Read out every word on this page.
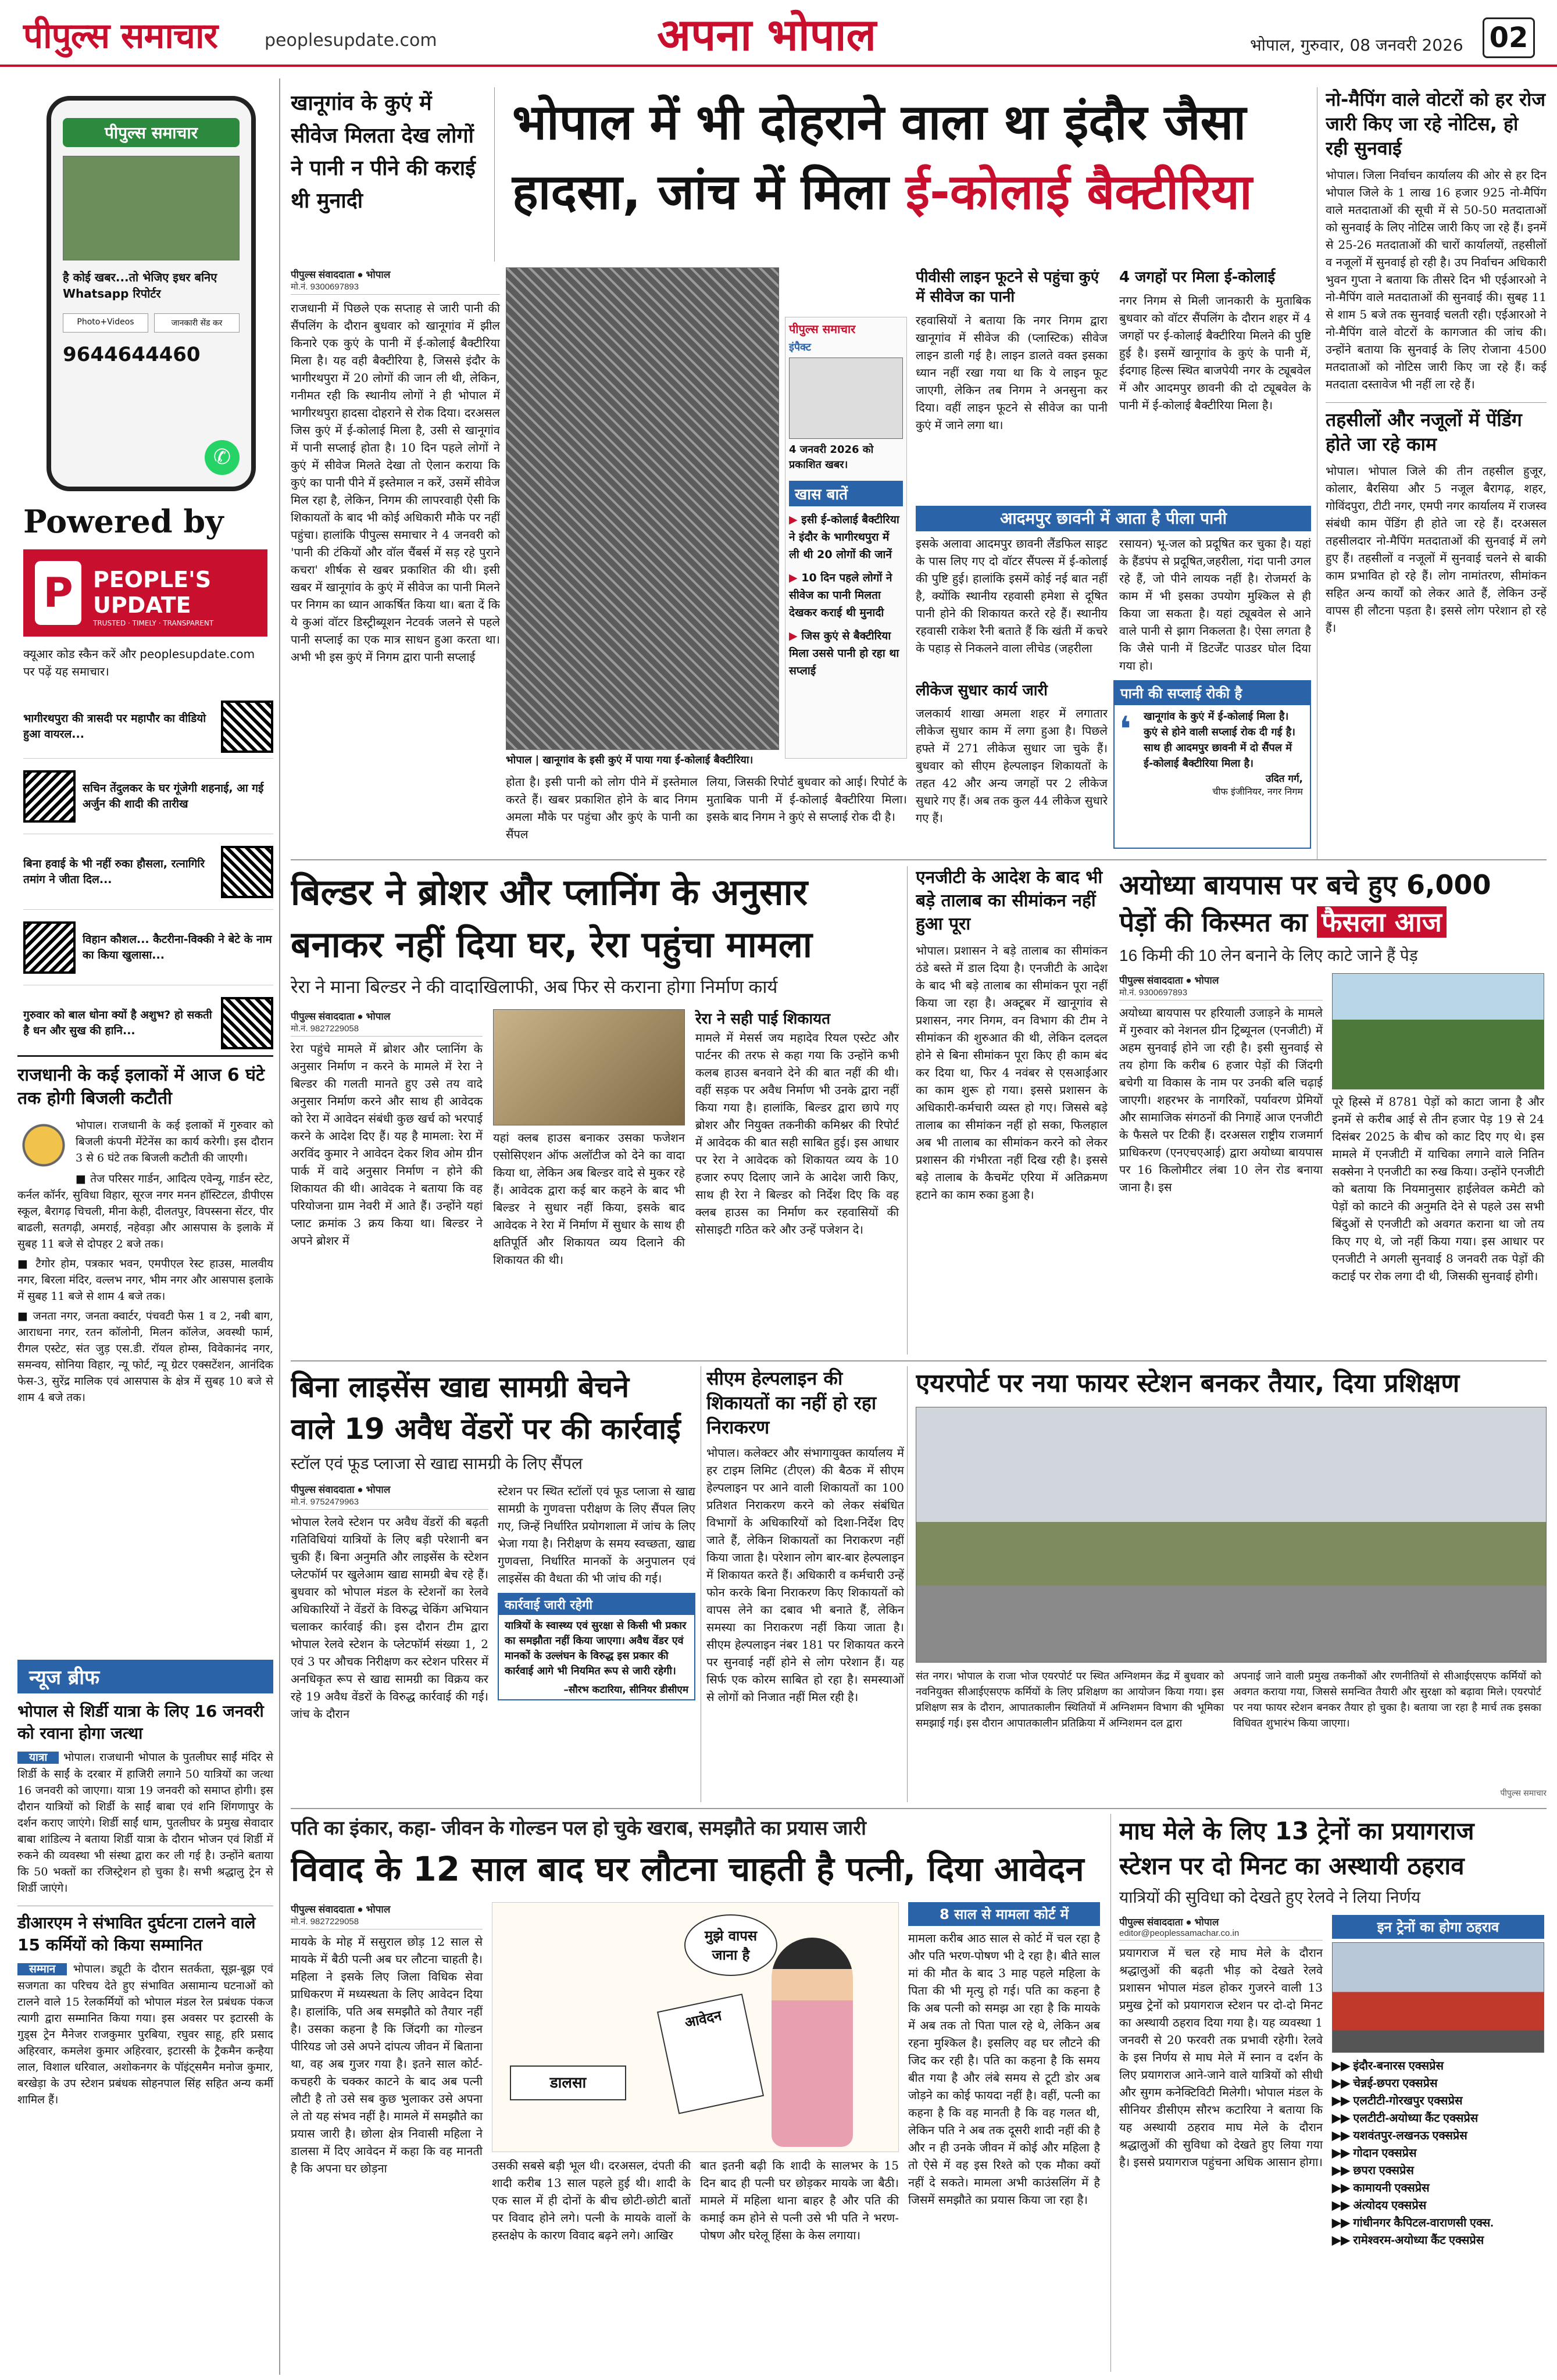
पीपुल्स समाचार	peoplesupdate.com	अपना भोपाल	भोपाल, गुरुवार, 08 जनवरी 2026 02
पीपुल्स समाचार
है कोई खबर...तो भेजिए इधर बनिए Whatsapp रिपोर्टर
Photo+Videos	जानकारी सेंड कर
9644644460
✆
Powered by
P PEOPLE'S UPDATE
TRUSTED · TIMELY · TRANSPARENT
क्यूआर कोड स्कैन करें और peoplesupdate.com पर पढ़ें यह समाचार।
भागीरथपुरा की त्रासदी पर महापौर का वीडियो हुआ वायरल...
सचिन तेंदुलकर के घर गूंजेगी शहनाई, आ गई अर्जुन की शादी की तारीख
बिना हवाई के भी नहीं रुका हौसला, रत्नागिरि तमांग ने जीता दिल...
विहान कौशल... कैटरीना-विक्की ने बेटे के नाम का किया खुलासा...
गुरुवार को बाल धोना क्यों है अशुभ? हो सकती है धन और सुख की हानि...
राजधानी के कई इलाकों में आज 6 घंटे तक होगी बिजली कटौती
भोपाल। राजधानी के कई इलाकों में गुरुवार को बिजली कंपनी मेंटेनेंस का कार्य करेगी। इस दौरान 3 से 6 घंटे तक बिजली कटौती की जाएगी।
■ तेज परिसर गार्डन, आदित्य एवेन्यू, गार्डन स्टेट, कर्नल कॉर्नर, सुविधा विहार, सूरज नगर मनन हॉस्टिटल, डीपीएस स्कूल, बैरागढ़ चिचली, मीना केही, दीलतपुर, विपस्सना सेंटर, पीर बाढली, सतगढ़ी, अमराई, नहेवड़ा और आसपास के इलाके में सुबह 11 बजे से दोपहर 2 बजे तक।
■ टैगोर होम, पत्रकार भवन, एमपीएल रेस्ट हाउस, मालवीय नगर, बिरला मंदिर, वल्लभ नगर, भीम नगर और आसपास इलाके में सुबह 11 बजे से शाम 4 बजे तक।
■ जनता नगर, जनता क्वार्टर, पंचवटी फेस 1 व 2, नबी बाग, आराधना नगर, रतन कॉलोनी, मिलन कॉलेज, अवस्थी फार्म, रीगल एस्टेट, संत जुड़ एस.डी. रॉयल होम्स, विवेकानंद नगर, समन्वय, सोनिया विहार, न्यू फोर्ट, न्यू ग्रेटर एक्सटेंशन, आनंदिक फेस-3, सुरेंद्र मालिक एवं आसपास के क्षेत्र में सुबह 10 बजे से शाम 4 बजे तक।
न्यूज ब्रीफ
भोपाल से शिर्डी यात्रा के लिए 16 जनवरी को रवाना होगा जत्था
यात्रा भोपाल। राजधानी भोपाल के पुतलीघर साईं मंदिर से शिर्डी के साईं के दरबार में हाजिरी लगाने 50 यात्रियों का जत्था 16 जनवरी को जाएगा। यात्रा 19 जनवरी को समाप्त होगी। इस दौरान यात्रियों को शिर्डी के साईं बाबा एवं शनि शिंगणापुर के दर्शन कराए जाएंगे। शिर्डी साईं धाम, पुतलीघर के प्रमुख सेवादार बाबा शांडिल्य ने बताया शिर्डी यात्रा के दौरान भोजन एवं शिर्डी में रुकने की व्यवस्था भी संस्था द्वारा कर ली गई है। उन्होंने बताया कि 50 भक्तों का रजिस्ट्रेशन हो चुका है। सभी श्रद्धालु ट्रेन से शिर्डी जाएंगे।
डीआरएम ने संभावित दुर्घटना टालने वाले 15 कर्मियों को किया सम्मानित
सम्मान भोपाल। ड्यूटी के दौरान सतर्कता, सूझ-बूझ एवं सजगता का परिचय देते हुए संभावित असामान्य घटनाओं को टालने वाले 15 रेलकर्मियों को भोपाल मंडल रेल प्रबंधक पंकज त्यागी द्वारा सम्मानित किया गया। इस अवसर पर इटारसी के गुड्स ट्रेन मैनेजर राजकुमार पुरबिया, रघुवर साहू, हरि प्रसाद अहिरवार, कमलेश कुमार अहिरवार, इटारसी के ट्रैकमैन कन्हैया लाल, विशाल धरिवाल, अशोकनगर के पॉइंट्समैन मनोज कुमार, बरखेड़ा के उप स्टेशन प्रबंधक सोहनपाल सिंह सहित अन्य कर्मी शामिल हैं।
खानूगांव के कुएं में सीवेज मिलता देख लोगों ने पानी न पीने की कराई थी मुनादी
भोपाल में भी दोहराने वाला था इंदौर जैसा
हादसा, जांच में मिला ई-कोलाई बैक्टीरिया
पीपुल्स संवाददाता ● भोपाल
मो.नं. 9300697893
राजधानी में पिछले एक सप्ताह से जारी पानी की सैंपलिंग के दौरान बुधवार को खानूगांव में झील किनारे एक कुएं के पानी में ई-कोलाई बैक्टीरिया मिला है। यह वही बैक्टीरिया है, जिससे इंदौर के भागीरथपुरा में 20 लोगों की जान ली थी, लेकिन, गनीमत रही कि स्थानीय लोगों ने ही भोपाल में भागीरथपुरा हादसा दोहराने से रोक दिया। दरअसल जिस कुएं में ई-कोलाई मिला है, उसी से खानूगांव में पानी सप्लाई होता है। 10 दिन पहले लोगों ने कुएं में सीवेज मिलते देखा तो ऐलान कराया कि कुएं का पानी पीने में इस्तेमाल न करें, उसमें सीवेज मिल रहा है, लेकिन, निगम की लापरवाही ऐसी कि शिकायतों के बाद भी कोई अधिकारी मौके पर नहीं पहुंचा। हालांकि पीपुल्स समाचार ने 4 जनवरी को 'पानी की टंकियों और वॉल चैंबर्स में सड़ रहे पुराने कचरा' शीर्षक से खबर प्रकाशित की थी। इसी खबर में खानूगांव के कुएं में सीवेज का पानी मिलने पर निगम का ध्यान आकर्षित किया था। बता दें कि ये कुआं वॉटर डिस्ट्रीब्यूशन नेटवर्क जलने से पहले पानी सप्लाई का एक मात्र साधन हुआ करता था। अभी भी इस कुएं में निगम द्वारा पानी सप्लाई
पीपुल्स समाचार
इंपैक्ट
4 जनवरी 2026 को प्रकाशित खबर।
खास बातें
▶ इसी ई-कोलाई बैक्टीरिया ने इंदौर के भागीरथपुरा में ली थी 20 लोगों की जानें
▶ 10 दिन पहले लोगों ने सीवेज का पानी मिलता देखकर कराई थी मुनादी
▶ जिस कुएं से बैक्टीरिया मिला उससे पानी हो रहा था सप्लाई
भोपाल | खानूगांव के इसी कुएं में पाया गया ई-कोलाई बैक्टीरिया।
होता है। इसी पानी को लोग पीने में इस्तेमाल करते हैं। खबर प्रकाशित होने के बाद निगम अमला मौके पर पहुंचा और कुएं के पानी का सैंपल
लिया, जिसकी रिपोर्ट बुधवार को आई। रिपोर्ट के मुताबिक पानी में ई-कोलाई बैक्टीरिया मिला। इसके बाद निगम ने कुएं से सप्लाई रोक दी है।
पीवीसी लाइन फूटने से पहुंचा कुएं में सीवेज का पानी
रहवासियों ने बताया कि नगर निगम द्वारा खानूगांव में सीवेज की (प्लास्टिक) सीवेज लाइन डाली गई है। लाइन डालते वक्त इसका ध्यान नहीं रखा गया था कि ये लाइन फूट जाएगी, लेकिन तब निगम ने अनसुना कर दिया। वहीं लाइन फूटने से सीवेज का पानी कुएं में जाने लगा था।
4 जगहों पर मिला ई-कोलाई
नगर निगम से मिली जानकारी के मुताबिक बुधवार को वॉटर सैंपलिंग के दौरान शहर में 4 जगहों पर ई-कोलाई बैक्टीरिया मिलने की पुष्टि हुई है। इसमें खानूगांव के कुएं के पानी में, ईदगाह हिल्स स्थित बाजपेयी नगर के ट्यूबवेल में और आदमपुर छावनी की दो ट्यूबवेल के पानी में ई-कोलाई बैक्टीरिया मिला है।
आदमपुर छावनी में आता है पीला पानी
इसके अलावा आदमपुर छावनी लैंडफिल साइट के पास लिए गए दो वॉटर सैंपल्स में ई-कोलाई की पुष्टि हुई। हालांकि इसमें कोई नई बात नहीं है, क्योंकि स्थानीय रहवासी हमेशा से दूषित पानी होने की शिकायत करते रहे हैं। स्थानीय रहवासी राकेश रैनी बताते हैं कि खंती में कचरे के पहाड़ से निकलने वाला लीचेड (जहरीला
रसायन) भू-जल को प्रदूषित कर चुका है। यहां के हैंडपंप से प्रदूषित,जहरीला, गंदा पानी उगल रहे हैं, जो पीने लायक नहीं है। रोजमर्रा के काम में भी इसका उपयोग मुश्किल से ही किया जा सकता है। यहां ट्यूबवेल से आने वाले पानी से झाग निकलता है। ऐसा लगता है कि जैसे पानी में डिटर्जेंट पाउडर घोल दिया गया हो।
लीकेज सुधार कार्य जारी
जलकार्य शाखा अमला शहर में लगातार लीकेज सुधार काम में लगा हुआ है। पिछले हफ्ते में 271 लीकेज सुधार जा चुके हैं। बुधवार को सीएम हेल्पलाइन शिकायतों के तहत 42 और अन्य जगहों पर 2 लीकेज सुधारे गए हैं। अब तक कुल 44 लीकेज सुधारे गए हैं।
पानी की सप्लाई रोकी है
❛ खानूगांव के कुएं में ई-कोलाई मिला है। कुएं से होने वाली सप्लाई रोक दी गई है। साथ ही आदमपुर छावनी में दो सैंपल में ई-कोलाई बैक्टीरिया मिला है।
उदित गर्ग,
चीफ इंजीनियर, नगर निगम
नो-मैपिंग वाले वोटरों को हर रोज जारी किए जा रहे नोटिस, हो रही सुनवाई
भोपाल। जिला निर्वाचन कार्यालय की ओर से हर दिन भोपाल जिले के 1 लाख 16 हजार 925 नो-मैपिंग वाले मतदाताओं की सूची में से 50-50 मतदाताओं को सुनवाई के लिए नोटिस जारी किए जा रहे हैं। इनमें से 25-26 मतदाताओं की चारों कार्यालयों, तहसीलों व नजूलों में सुनवाई हो रही है। उप निर्वाचन अधिकारी भुवन गुप्ता ने बताया कि तीसरे दिन भी एईआरओ ने नो-मैपिंग वाले मतदाताओं की सुनवाई की। सुबह 11 से शाम 5 बजे तक सुनवाई चलती रही। एईआरओ ने नो-मैपिंग वाले वोटरों के कागजात की जांच की। उन्होंने बताया कि सुनवाई के लिए रोजाना 4500 मतदाताओं को नोटिस जारी किए जा रहे हैं। कई मतदाता दस्तावेज भी नहीं ला रहे हैं।
तहसीलों और नजूलों में पेंडिंग होते जा रहे काम
भोपाल। भोपाल जिले की तीन तहसील हुजूर, कोलार, बैरसिया और 5 नजूल बैरागढ़, शहर, गोविंदपुरा, टीटी नगर, एमपी नगर कार्यालय में राजस्व संबंधी काम पेंडिंग ही होते जा रहे हैं। दरअसल तहसीलदार नो-मैपिंग मतदाताओं की सुनवाई में लगे हुए हैं। तहसीलों व नजूलों में सुनवाई चलने से बाकी काम प्रभावित हो रहे हैं। लोग नामांतरण, सीमांकन सहित अन्य कार्यों को लेकर आते हैं, लेकिन उन्हें वापस ही लौटना पड़ता है। इससे लोग परेशान हो रहे हैं।
बिल्डर ने ब्रोशर और प्लानिंग के अनुसार
बनाकर नहीं दिया घर, रेरा पहुंचा मामला
रेरा ने माना बिल्डर ने की वादाखिलाफी, अब फिर से कराना होगा निर्माण कार्य
पीपुल्स संवाददाता ● भोपाल
मो.नं. 9827229058
रेरा पहुंचे मामले में ब्रोशर और प्लानिंग के अनुसार निर्माण न करने के मामले में रेरा ने बिल्डर की गलती मानते हुए उसे तय वादे अनुसार निर्माण करने और साथ ही आवेदक को रेरा में आवेदन संबंधी कुछ खर्च को भरपाई करने के आदेश दिए हैं। यह है मामला: रेरा में अरविंद कुमार ने आवेदन देकर शिव ओम ग्रीन पार्क में वादे अनुसार निर्माण न होने की शिकायत की थी। आवेदक ने बताया कि वह परियोजना ग्राम नेवरी में आते हैं। उन्होंने यहां प्लाट क्रमांक 3 क्रय किया था। बिल्डर ने अपने ब्रोशर में
यहां क्लब हाउस बनाकर उसका फजेशन एसोसिएशन ऑफ अलॉटीज को देने का वादा किया था, लेकिन अब बिल्डर वादे से मुकर रहे हैं। आवेदक द्वारा कई बार कहने के बाद भी बिल्डर ने सुधार नहीं किया, इसके बाद आवेदक ने रेरा में निर्माण में सुधार के साथ ही क्षतिपूर्ति और शिकायत व्यय दिलाने की शिकायत की थी।
रेरा ने सही पाई शिकायत
मामले में मेसर्स जय महादेव रियल एस्टेट और पार्टनर की तरफ से कहा गया कि उन्होंने कभी कलब हाउस बनवाने देने की बात नहीं की थी। वहीं सड़क पर अवैध निर्माण भी उनके द्वारा नहीं किया गया है। हालांकि, बिल्डर द्वारा छापे गए ब्रोशर और नियुक्त तकनीकी कमिश्नर की रिपोर्ट में आवेदक की बात सही साबित हुई। इस आधार पर रेरा ने आवेदक को शिकायत व्यय के 10 हजार रुपए दिलाए जाने के आदेश जारी किए, साथ ही रेरा ने बिल्डर को निर्देश दिए कि वह क्लब हाउस का निर्माण कर रहवासियों की सोसाइटी गठित करे और उन्हें पजेशन दे।
एनजीटी के आदेश के बाद भी बड़े तालाब का सीमांकन नहीं हुआ पूरा
भोपाल। प्रशासन ने बड़े तालाब का सीमांकन ठंडे बस्ते में डाल दिया है। एनजीटी के आदेश के बाद भी बड़े तालाब का सीमांकन पूरा नहीं किया जा रहा है। अक्टूबर में खानूगांव से प्रशासन, नगर निगम, वन विभाग की टीम ने सीमांकन की शुरुआत की थी, लेकिन दलदल होने से बिना सीमांकन पूरा किए ही काम बंद कर दिया था, फिर 4 नवंबर से एसआईआर का काम शुरू हो गया। इससे प्रशासन के अधिकारी-कर्मचारी व्यस्त हो गए। जिससे बड़े तालाब का सीमांकन नहीं हो सका, फिलहाल अब भी तालाब का सीमांकन करने को लेकर प्रशासन की गंभीरता नहीं दिख रही है। इससे बड़े तालाब के कैचमेंट एरिया में अतिक्रमण हटाने का काम रुका हुआ है।
अयोध्या बायपास पर बचे हुए 6,000
पेड़ों की किस्मत का फैसला आज
16 किमी की 10 लेन बनाने के लिए काटे जाने हैं पेड़
पीपुल्स संवाददाता ● भोपाल
मो.नं. 9300697893
अयोध्या बायपास पर हरियाली उजाड़ने के मामले में गुरुवार को नेशनल ग्रीन ट्रिब्यूनल (एनजीटी) में अहम सुनवाई होने जा रही है। इसी सुनवाई से तय होगा कि करीब 6 हजार पेड़ों की जिंदगी बचेगी या विकास के नाम पर उनकी बलि चढ़ाई जाएगी। शहरभर के नागरिकों, पर्यावरण प्रेमियों और सामाजिक संगठनों की निगाहें आज एनजीटी के फैसले पर टिकी हैं। दरअसल राष्ट्रीय राजमार्ग प्राधिकरण (एनएचएआई) द्वारा अयोध्या बायपास पर 16 किलोमीटर लंबा 10 लेन रोड बनाया जाना है। इस
पूरे हिस्से में 8781 पेड़ों को काटा जाना है और इनमें से करीब आई से तीन हजार पेड़ 19 से 24 दिसंबर 2025 के बीच को काट दिए गए थे। इस मामले में एनजीटी में याचिका लगाने वाले नितिन सक्सेना ने एनजीटी का रुख किया। उन्होंने एनजीटी को बताया कि नियमानुसार हाईलेवल कमेटी को पेड़ों को काटने की अनुमति देने से पहले उस सभी बिंदुओं से एनजीटी को अवगत कराना था जो तय किए गए थे, जो नहीं किया गया। इस आधार पर एनजीटी ने अगली सुनवाई 8 जनवरी तक पेड़ों की कटाई पर रोक लगा दी थी, जिसकी सुनवाई होगी।
बिना लाइसेंस खाद्य सामग्री बेचने
वाले 19 अवैध वेंडरों पर की कार्रवाई
स्टॉल एवं फूड प्लाजा से खाद्य सामग्री के लिए सैंपल
पीपुल्स संवाददाता ● भोपाल
मो.नं. 9752479963
भोपाल रेलवे स्टेशन पर अवैध वेंडरों की बढ़ती गतिविधियां यात्रियों के लिए बड़ी परेशानी बन चुकी हैं। बिना अनुमति और लाइसेंस के स्टेशन प्लेटफॉर्म पर खुलेआम खाद्य सामग्री बेच रहे हैं। बुधवार को भोपाल मंडल के स्टेशनों का रेलवे अधिकारियों ने वेंडरों के विरुद्ध चेकिंग अभियान चलाकर कार्रवाई की। इस दौरान टीम द्वारा भोपाल रेलवे स्टेशन के प्लेटफॉर्म संख्या 1, 2 एवं 3 पर औचक निरीक्षण कर स्टेशन परिसर में अनधिकृत रूप से खाद्य सामग्री का विक्रय कर रहे 19 अवैध वेंडरों के विरुद्ध कार्रवाई की गई। जांच के दौरान
स्टेशन पर स्थित स्टॉलों एवं फूड प्लाजा से खाद्य सामग्री के गुणवत्ता परीक्षण के लिए सैंपल लिए गए, जिन्हें निर्धारित प्रयोगशाला में जांच के लिए भेजा गया है। निरीक्षण के समय स्वच्छता, खाद्य गुणवत्ता, निर्धारित मानकों के अनुपालन एवं लाइसेंस की वैधता की भी जांच की गई।
कार्रवाई जारी रहेगी
यात्रियों के स्वास्थ्य एवं सुरक्षा से किसी भी प्रकार का समझौता नहीं किया जाएगा। अवैध वेंडर एवं मानकों के उल्लंघन के विरुद्ध इस प्रकार की कार्रवाई आगे भी नियमित रूप से जारी रहेगी।
–सौरभ कटारिया, सीनियर डीसीएम
सीएम हेल्पलाइन की शिकायतों का नहीं हो रहा निराकरण
भोपाल। कलेक्टर और संभागायुक्त कार्यालय में हर टाइम लिमिट (टीएल) की बैठक में सीएम हेल्पलाइन पर आने वाली शिकायतों का 100 प्रतिशत निराकरण करने को लेकर संबंधित विभागों के अधिकारियों को दिशा-निर्देश दिए जाते हैं, लेकिन शिकायतों का निराकरण नहीं किया जाता है। परेशान लोग बार-बार हेल्पलाइन में शिकायत करते हैं। अधिकारी व कर्मचारी उन्हें फोन करके बिना निराकरण किए शिकायतों को वापस लेने का दबाव भी बनाते हैं, लेकिन समस्या का निराकरण नहीं किया जाता है। सीएम हेल्पलाइन नंबर 181 पर शिकायत करने पर सुनवाई नहीं होने से लोग परेशान हैं। यह सिर्फ एक कोरम साबित हो रहा है। समस्याओं से लोगों को निजात नहीं मिल रही है।
एयरपोर्ट पर नया फायर स्टेशन बनकर तैयार, दिया प्रशिक्षण
संत नगर। भोपाल के राजा भोज एयरपोर्ट पर स्थित अग्निशमन केंद्र में बुधवार को नवनियुक्त सीआईएसएफ कर्मियों के लिए प्रशिक्षण का आयोजन किया गया। इस प्रशिक्षण सत्र के दौरान, आपातकालीन स्थितियों में अग्निशमन विभाग की भूमिका समझाई गई। इस दौरान आपातकालीन प्रतिक्रिया में अग्निशमन दल द्वारा
अपनाई जाने वाली प्रमुख तकनीकों और रणनीतियों से सीआईएसएफ कर्मियों को अवगत कराया गया, जिससे समन्वित तैयारी और सुरक्षा को बढ़ावा मिले। एयरपोर्ट पर नया फायर स्टेशन बनकर तैयार हो चुका है। बताया जा रहा है मार्च तक इसका विधिवत शुभारंभ किया जाएगा।
पीपुल्स समाचार
पति का इंकार, कहा- जीवन के गोल्डन पल हो चुके खराब, समझौते का प्रयास जारी
विवाद के 12 साल बाद घर लौटना चाहती है पत्नी, दिया आवेदन
पीपुल्स संवाददाता ● भोपाल
मो.नं. 9827229058
मायके के मोह में ससुराल छोड़ 12 साल से मायके में बैठी पत्नी अब घर लौटना चाहती है। महिला ने इसके लिए जिला विधिक सेवा प्राधिकरण में मध्यस्थता के लिए आवेदन दिया है। हालांकि, पति अब समझौते को तैयार नहीं है। उसका कहना है कि जिंदगी का गोल्डन पीरियड जो उसे अपने दांपत्य जीवन में बिताना था, वह अब गुजर गया है। इतने साल कोर्ट-कचहरी के चक्कर काटने के बाद अब पत्नी लौटी है तो उसे सब कुछ भुलाकर उसे अपना ले तो यह संभव नहीं है। मामले में समझौते का प्रयास जारी है। छोला क्षेत्र निवासी महिला ने डालसा में दिए आवेदन में कहा कि वह मानती है कि अपना घर छोड़ना
मुझे वापस जाना है
आवेदन
डालसा
उसकी सबसे बड़ी भूल थी। दरअसल, दंपती की शादी करीब 13 साल पहले हुई थी। शादी के एक साल में ही दोनों के बीच छोटी-छोटी बातों पर विवाद होने लगे। पत्नी के मायके वालों के हस्तक्षेप के कारण विवाद बढ़ने लगे। आखिर
बात इतनी बढ़ी कि शादी के सालभर के 15 दिन बाद ही पत्नी घर छोड़कर मायके जा बैठी। मामले में महिला थाना बाहर है और पति की कमाई कम होने से पत्नी उसे भी पति ने भरण-पोषण और घरेलू हिंसा के केस लगाया।
8 साल से मामला कोर्ट में
मामला करीब आठ साल से कोर्ट में चल रहा है और पति भरण-पोषण भी दे रहा है। बीते साल मां की मौत के बाद 3 माह पहले महिला के पिता की भी मृत्यु हो गई। पति का कहना है कि अब पत्नी को समझ आ रहा है कि मायके में अब तक तो पिता पाल रहे थे, लेकिन अब रहना मुश्किल है। इसलिए वह घर लौटने की जिद कर रही है। पति का कहना है कि समय बीत गया है और लंबे समय से टूटी डोर अब जोड़ने का कोई फायदा नहीं है। वहीं, पत्नी का कहना है कि वह मानती है कि वह गलत थी, लेकिन पति ने अब तक दूसरी शादी नहीं की है और न ही उनके जीवन में कोई और महिला है तो ऐसे में वह इस रिश्ते को एक मौका क्यों नहीं दे सकते। मामला अभी काउंसलिंग में है जिसमें समझौते का प्रयास किया जा रहा है।
माघ मेले के लिए 13 ट्रेनों का प्रयागराज
स्टेशन पर दो मिनट का अस्थायी ठहराव
यात्रियों की सुविधा को देखते हुए रेलवे ने लिया निर्णय
पीपुल्स संवाददाता ● भोपाल
editor@peoplessamachar.co.in
प्रयागराज में चल रहे माघ मेले के दौरान श्रद्धालुओं की बढ़ती भीड़ को देखते रेलवे प्रशासन भोपाल मंडल होकर गुजरने वाली 13 प्रमुख ट्रेनों को प्रयागराज स्टेशन पर दो-दो मिनट का अस्थायी ठहराव दिया गया है। यह व्यवस्था 1 जनवरी से 20 फरवरी तक प्रभावी रहेगी। रेलवे के इस निर्णय से माघ मेले में स्नान व दर्शन के लिए प्रयागराज आने-जाने वाले यात्रियों को सीधी और सुगम कनेक्टिविटी मिलेगी। भोपाल मंडल के सीनियर डीसीएम सौरभ कटारिया ने बताया कि यह अस्थायी ठहराव माघ मेले के दौरान श्रद्धालुओं की सुविधा को देखते हुए लिया गया है। इससे प्रयागराज पहुंचना अधिक आसान होगा।
इन ट्रेनों का होगा ठहराव
▶▶ इंदौर-बनारस एक्सप्रेस
▶▶ चेन्नई-छपरा एक्सप्रेस
▶▶ एलटीटी-गोरखपुर एक्सप्रेस
▶▶ एलटीटी-अयोध्या कैंट एक्सप्रेस
▶▶ यशवंतपुर-लखनऊ एक्सप्रेस
▶▶ गोदान एक्सप्रेस
▶▶ छपरा एक्सप्रेस
▶▶ कामायनी एक्सप्रेस
▶▶ अंत्योदय एक्सप्रेस
▶▶ गांधीनगर कैपिटल-वाराणसी एक्स.
▶▶ रामेश्वरम-अयोध्या कैंट एक्सप्रेस
